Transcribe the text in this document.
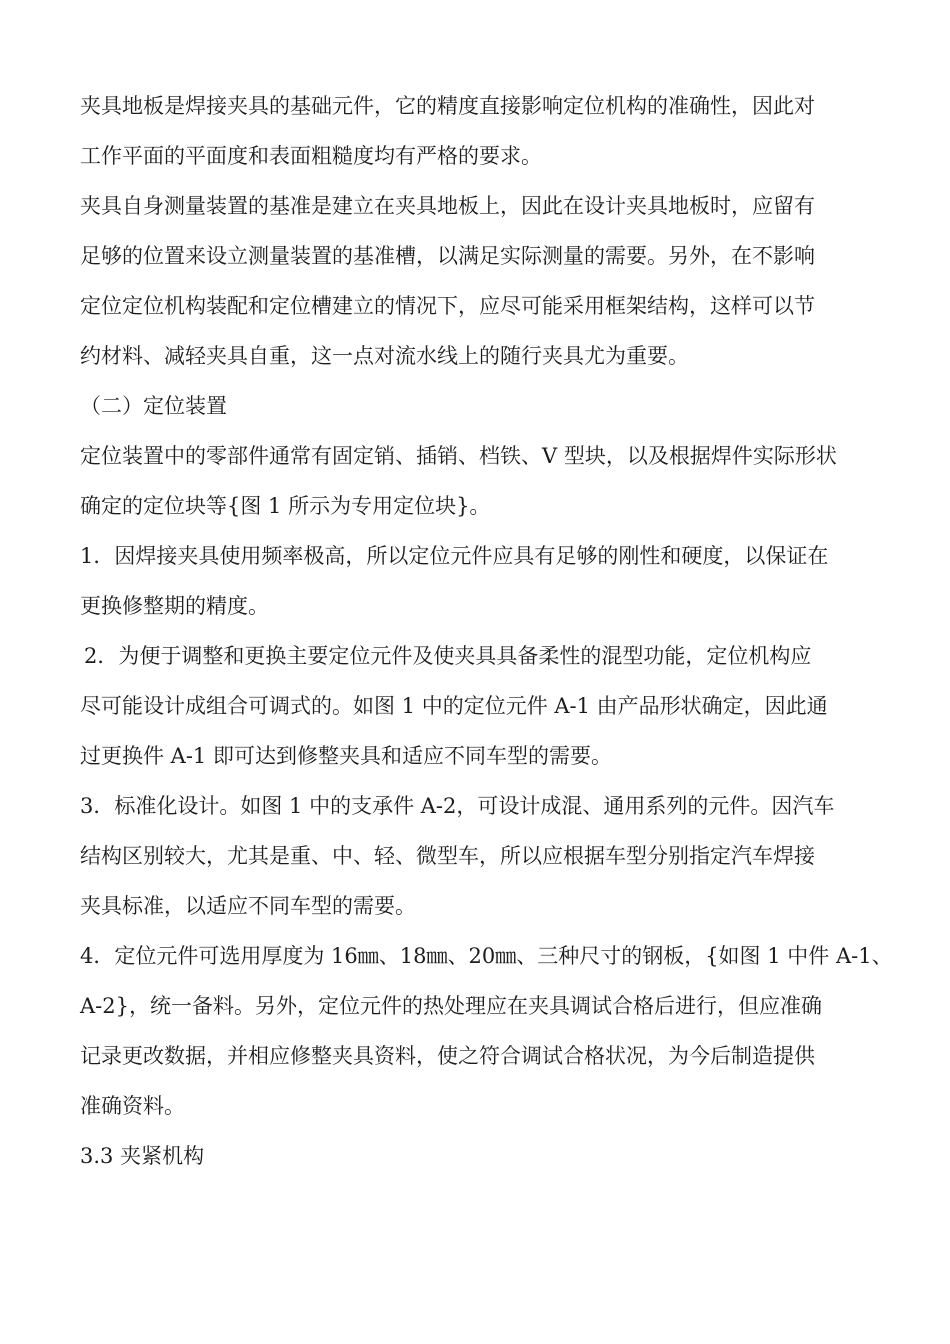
夹具地板是焊接夹具的基础元件，它的精度直接影响定位机构的准确性，因此对
工作平面的平面度和表面粗糙度均有严格的要求。
夹具自身测量装置的基准是建立在夹具地板上，因此在设计夹具地板时，应留有
足够的位置来设立测量装置的基准槽，以满足实际测量的需要。另外，在不影响
定位定位机构装配和定位槽建立的情况下，应尽可能采用框架结构，这样可以节
约材料、减轻夹具自重，这一点对流水线上的随行夹具尤为重要。
（二）定位装置
定位装置中的零部件通常有固定销、插销、档铁、V 型块，以及根据焊件实际形状
确定的定位块等{图 1 所示为专用定位块}。
1．因焊接夹具使用频率极高，所以定位元件应具有足够的刚性和硬度，以保证在
更换修整期的精度。
2．为便于调整和更换主要定位元件及使夹具具备柔性的混型功能，定位机构应
尽可能设计成组合可调式的。如图 1 中的定位元件 A-1 由产品形状确定，因此通
过更换件 A-1 即可达到修整夹具和适应不同车型的需要。
3．标准化设计。如图 1 中的支承件 A-2，可设计成混、通用系列的元件。因汽车
结构区别较大，尤其是重、中、轻、微型车，所以应根据车型分别指定汽车焊接
夹具标准，以适应不同车型的需要。
4．定位元件可选用厚度为 16㎜、18㎜、20㎜、三种尺寸的钢板，{如图 1 中件 A-1、
A-2}，统一备料。另外，定位元件的热处理应在夹具调试合格后进行，但应准确
记录更改数据，并相应修整夹具资料，使之符合调试合格状况，为今后制造提供
准确资料。
3.3 夹紧机构
